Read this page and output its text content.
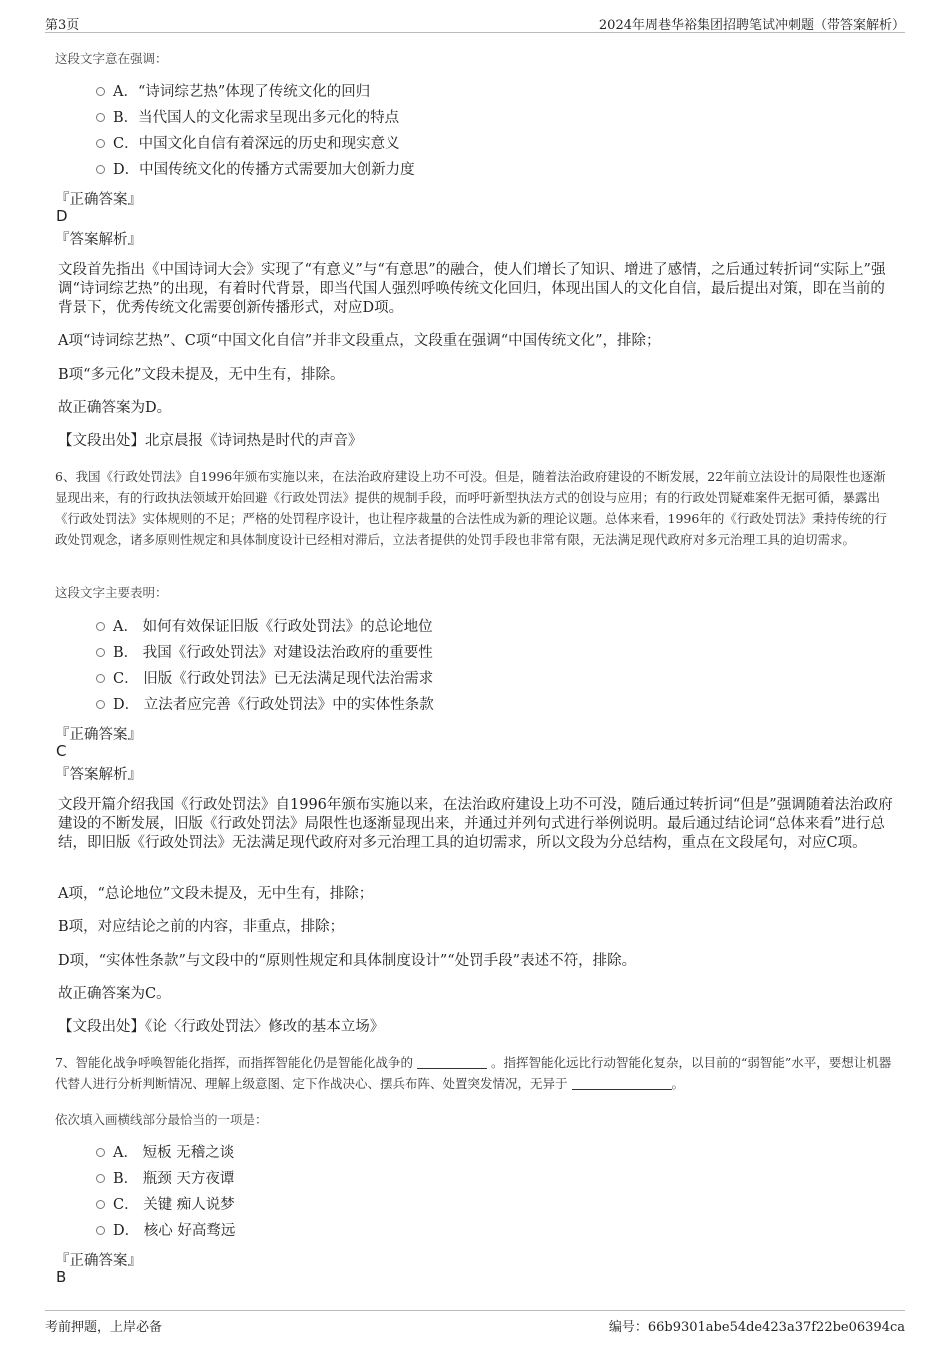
第3页	2024年周巷华裕集团招聘笔试冲刺题（带答案解析）
这段文字意在强调：
A．“诗词综艺热”体现了传统文化的回归
B．当代国人的文化需求呈现出多元化的特点
C．中国文化自信有着深远的历史和现实意义
D．中国传统文化的传播方式需要加大创新力度
『正确答案』
D
『答案解析』
文段首先指出《中国诗词大会》实现了“有意义”与“有意思”的融合，使人们增长了知识、增进了感情，之后通过转折词“实际上”强调“诗词综艺热”的出现，有着时代背景，即当代国人强烈呼唤传统文化回归，体现出国人的文化自信，最后提出对策，即在当前的背景下，优秀传统文化需要创新传播形式，对应D项。
A项“诗词综艺热”、C项“中国文化自信”并非文段重点，文段重在强调“中国传统文化”，排除；
B项“多元化”文段未提及，无中生有，排除。
故正确答案为D。
【文段出处】北京晨报《诗词热是时代的声音》
6、我国《行政处罚法》自1996年颁布实施以来，在法治政府建设上功不可没。但是，随着法治政府建设的不断发展，22年前立法设计的局限性也逐渐显现出来，有的行政执法领域开始回避《行政处罚法》提供的规制手段，而呼吁新型执法方式的创设与应用；有的行政处罚疑难案件无据可循，暴露出《行政处罚法》实体规则的不足；严格的处罚程序设计，也让程序裁量的合法性成为新的理论议题。总体来看，1996年的《行政处罚法》秉持传统的行政处罚观念，诸多原则性规定和具体制度设计已经相对滞后，立法者提供的处罚手段也非常有限，无法满足现代政府对多元治理工具的迫切需求。
这段文字主要表明：
A． 如何有效保证旧版《行政处罚法》的总论地位
B． 我国《行政处罚法》对建设法治政府的重要性
C． 旧版《行政处罚法》已无法满足现代法治需求
D． 立法者应完善《行政处罚法》中的实体性条款
『正确答案』
C
『答案解析』
文段开篇介绍我国《行政处罚法》自1996年颁布实施以来，在法治政府建设上功不可没，随后通过转折词“但是”强调随着法治政府建设的不断发展，旧版《行政处罚法》局限性也逐渐显现出来，并通过并列句式进行举例说明。最后通过结论词“总体来看”进行总结，即旧版《行政处罚法》无法满足现代政府对多元治理工具的迫切需求，所以文段为分总结构，重点在文段尾句，对应C项。
A项，“总论地位”文段未提及，无中生有，排除；
B项，对应结论之前的内容，非重点，排除；
D项，“实体性条款”与文段中的“原则性规定和具体制度设计”“处罚手段”表述不符，排除。
故正确答案为C。
【文段出处】《论〈行政处罚法〉修改的基本立场》
7、智能化战争呼唤智能化指挥，而指挥智能化仍是智能化战争的	。指挥智能化远比行动智能化复杂，以目前的“弱智能”水平，要想让机器代替人进行分析判断情况、理解上级意图、定下作战决心、摆兵布阵、处置突发情况，无异于	。
依次填入画横线部分最恰当的一项是：
A． 短板 无稽之谈
B． 瓶颈 天方夜谭
C． 关键 痴人说梦
D． 核心 好高骛远
『正确答案』
B
考前押题，上岸必备	编号：66b9301abe54de423a37f22be06394ca
